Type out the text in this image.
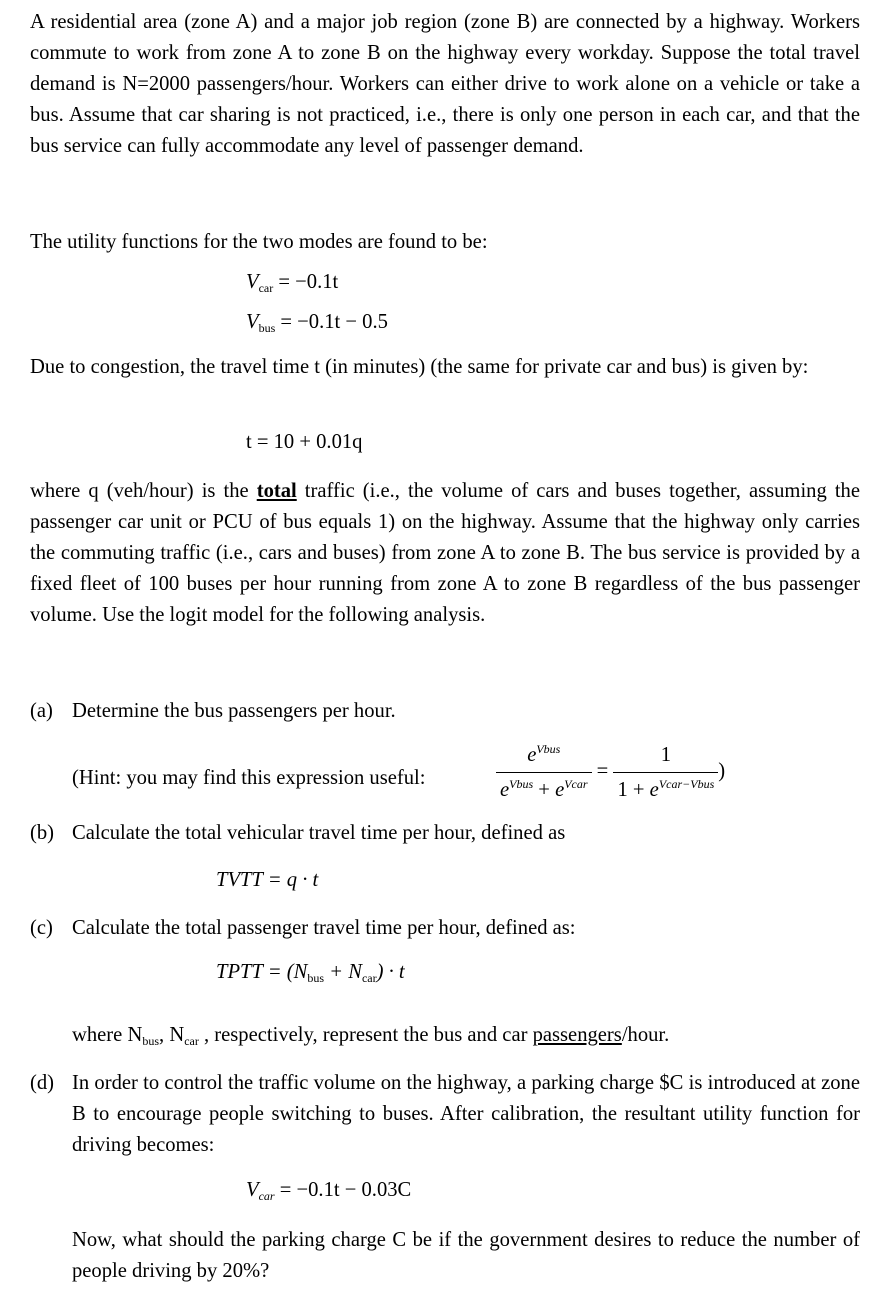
A residential area (zone A) and a major job region (zone B) are connected by a highway. Workers commute to work from zone A to zone B on the highway every workday. Suppose the total travel demand is N=2000 passengers/hour. Workers can either drive to work alone on a vehicle or take a bus. Assume that car sharing is not practiced, i.e., there is only one person in each car, and that the bus service can fully accommodate any level of passenger demand.
The utility functions for the two modes are found to be:
$V_{car} = -0.1t$
$V_{bus} = -0.1t - 0.5$
Due to congestion, the travel time t (in minutes) (the same for private car and bus) is given by:
t = 10 + 0.01q
where q (veh/hour) is the total traffic (i.e., the volume of cars and buses together, assuming the passenger car unit or PCU of bus equals 1) on the highway. Assume that the highway only carries the commuting traffic (i.e., cars and buses) from zone A to zone B. The bus service is provided by a fixed fleet of 100 buses per hour running from zone A to zone B regardless of the bus passenger volume. Use the logit model for the following analysis.
(a) Determine the bus passengers per hour.
(Hint: you may find this expression useful:	$\frac{e^{Vbus}}{e^{Vbus} + e^{Vcar}} = \frac{1}{1 + e^{Vcar-Vbus}}$ )
(b) Calculate the total vehicular travel time per hour, defined as
TVTT = q · t
(c) Calculate the total passenger travel time per hour, defined as:
TPTT = $(N_{bus} + N_{car}) \cdot t$
where $N_{bus}$, $N_{car}$ , respectively, represent the bus and car passengers/hour.
(d) In order to control the traffic volume on the highway, a parking charge $C is introduced at zone B to encourage people switching to buses. After calibration, the resultant utility function for driving becomes:
$V_{car} = -0.1t - 0.03C$
Now, what should the parking charge C be if the government desires to reduce the number of people driving by 20%?
